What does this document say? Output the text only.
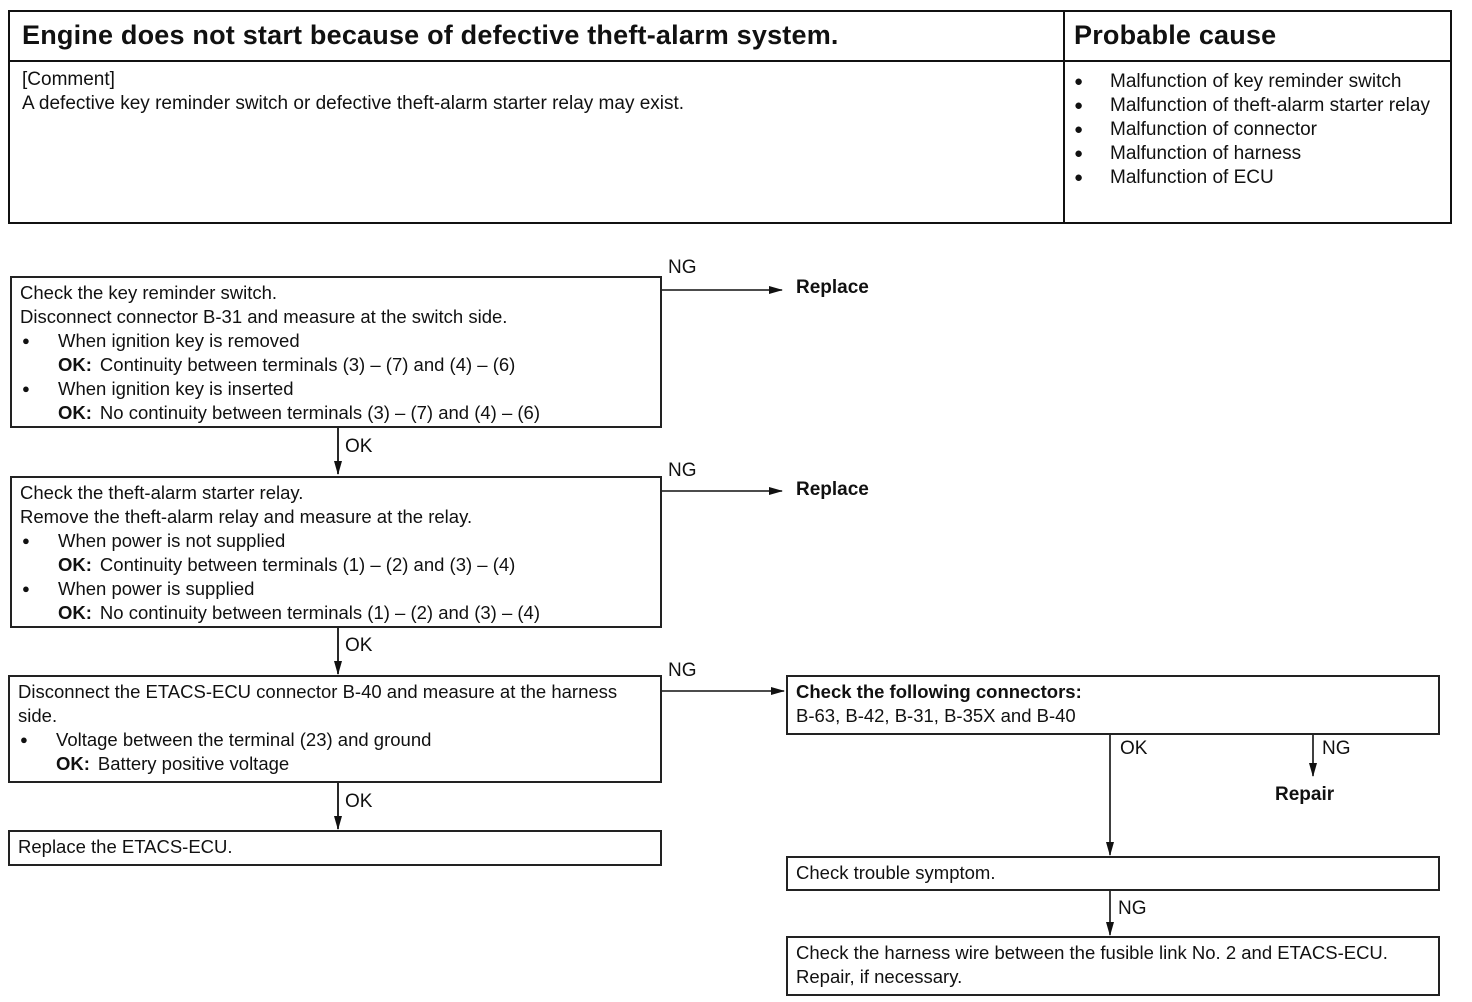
Engine does not start because of defective theft-alarm system.	Probable cause
[Comment]
A defective key reminder switch or defective theft-alarm starter relay may exist.
● Malfunction of key reminder switch
● Malfunction of theft-alarm starter relay
● Malfunction of connector
● Malfunction of harness
● Malfunction of ECU
Check the key reminder switch.
Disconnect connector B-31 and measure at the switch side.
● When ignition key is removed
OK: Continuity between terminals (3) – (7) and (4) – (6)
● When ignition key is inserted
OK: No continuity between terminals (3) – (7) and (4) – (6)
Check the theft-alarm starter relay.
Remove the theft-alarm relay and measure at the relay.
● When power is not supplied
OK: Continuity between terminals (1) – (2) and (3) – (4)
● When power is supplied
OK: No continuity between terminals (1) – (2) and (3) – (4)
Disconnect the ETACS-ECU connector B-40 and measure at the harness side.
● Voltage between the terminal (23) and ground
OK: Battery positive voltage
Replace the ETACS-ECU.
Check the following connectors:
B-63, B-42, B-31, B-35X and B-40
Check trouble symptom.
Check the harness wire between the fusible link No. 2 and ETACS-ECU. Repair, if necessary.
NG
NG
NG
OK
OK
OK
OK	NG
NG
Replace
Replace
Repair
